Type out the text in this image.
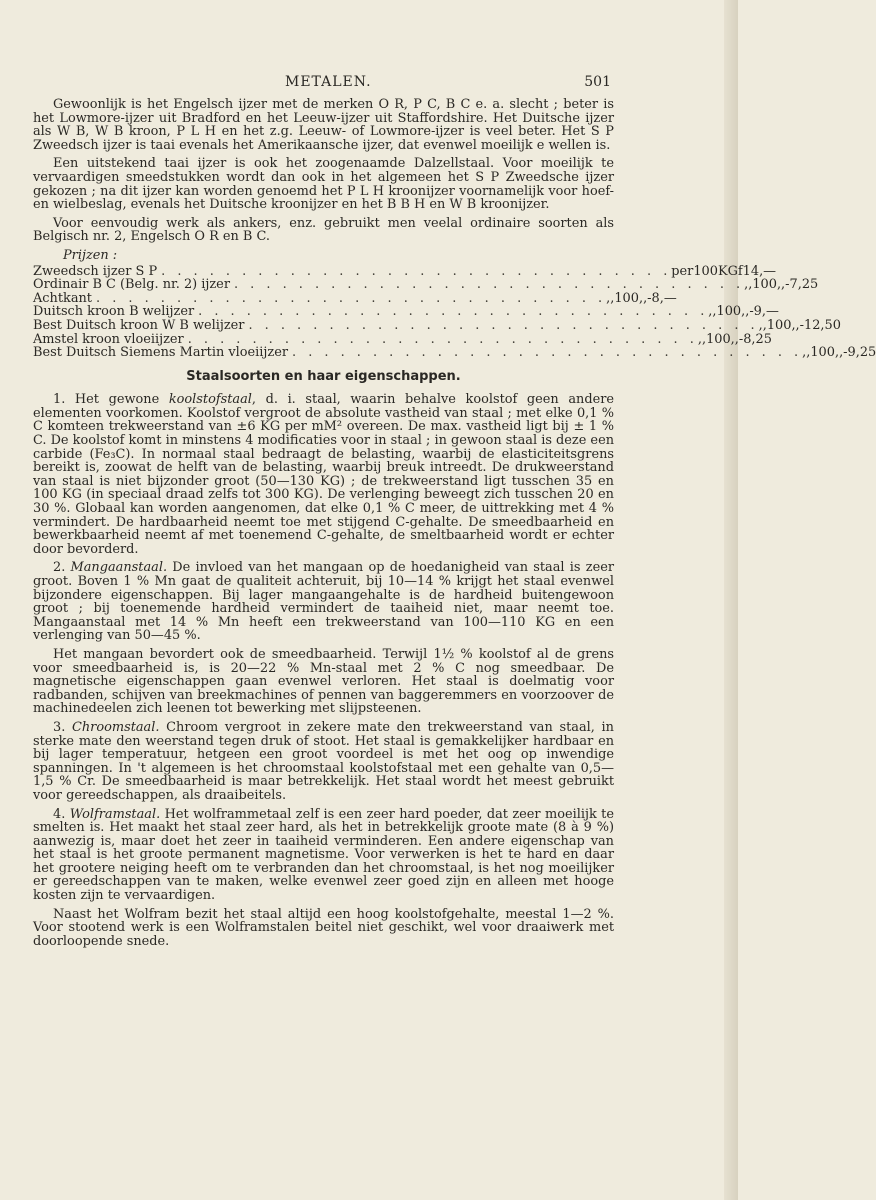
METALEN.	501

Gewoonlijk is het Engelsch ijzer met de merken O R, P C, B C e. a. slecht ; beter is het Lowmore-ijzer uit Bradford en het Leeuw-ijzer uit Staffordshire. Het Duitsche ijzer als W B, W B kroon, P L H en het z.g. Leeuw- of Lowmore-ijzer is veel beter. Het S P Zweedsch ijzer is taai evenals het Amerikaansche ijzer, dat evenwel moeilijk e wellen is.

Een uitstekend taai ijzer is ook het zoogenaamde Dalzellstaal. Voor moeilijk te vervaardigen smeedstukken wordt dan ook in het algemeen het S P Zweedsche ijzer gekozen ; na dit ijzer kan worden genoemd het P L H kroonijzer voornamelijk voor hoef- en wielbeslag, evenals het Duitsche kroonijzer en het B B H en W B kroonijzer.

Voor eenvoudig werk als ankers, enz. gebruikt men veelal ordinaire soorten als Belgisch nr. 2, Engelsch O R en B C.

Prijzen :
Zweedsch ijzer S P . . . . . . . . . . . . . . . . . . . . . . . . . . . . . . . . per 100 KG f 14,—
Ordinair B C (Belg. nr. 2) ijzer . . . . . . . . . . . . . . . . . . . . . . . . . . . . . . . . ,, 100 ,, - 7,25
Achtkant . . . . . . . . . . . . . . . . . . . . . . . . . . . . . . . . ,, 100 ,, - 8,—
Duitsch kroon B welijzer . . . . . . . . . . . . . . . . . . . . . . . . . . . . . . . . ,, 100 ,, - 9,—
Best Duitsch kroon W B welijzer . . . . . . . . . . . . . . . . . . . . . . . . . . . . . . . . ,, 100 ,, - 12,50
Amstel kroon vloeiijzer . . . . . . . . . . . . . . . . . . . . . . . . . . . . . . . . ,, 100 ,, - 8,25
Best Duitsch Siemens Martin vloeiijzer . . . . . . . . . . . . . . . . . . . . . . . . . . . . . . . . ,, 100 ,, - 9,25
Staalsoorten en haar eigenschappen.

1. Het gewone koolstofstaal, d. i. staal, waarin behalve koolstof geen andere elementen voorkomen. Koolstof vergroot de absolute vastheid van staal ; met elke 0,1 % C komteen trekweerstand van ±6 KG per mM² overeen. De max. vastheid ligt bij ± 1 % C. De koolstof komt in minstens 4 modificaties voor in staal ; in gewoon staal is deze een carbide (Fe₃C). In normaal staal bedraagt de belasting, waarbij de elasticiteitsgrens bereikt is, zoowat de helft van de belasting, waarbij breuk intreedt. De drukweerstand van staal is niet bijzonder groot (50—130 KG) ; de trekweerstand ligt tusschen 35 en 100 KG (in speciaal draad zelfs tot 300 KG). De verlenging beweegt zich tusschen 20 en 30 %. Globaal kan worden aangenomen, dat elke 0,1 % C meer, de uittrekking met 4 % vermindert. De hardbaarheid neemt toe met stijgend C-gehalte. De smeedbaarheid en bewerkbaarheid neemt af met toenemend C-gehalte, de smeltbaarheid wordt er echter door bevorderd.

2. Mangaanstaal. De invloed van het mangaan op de hoedanigheid van staal is zeer groot. Boven 1 % Mn gaat de qualiteit achteruit, bij 10—14 % krijgt het staal evenwel bijzondere eigenschappen. Bij lager mangaangehalte is de hardheid buitengewoon groot ; bij toenemende hardheid vermindert de taaiheid niet, maar neemt toe. Mangaanstaal met 14 % Mn heeft een trekweerstand van 100—110 KG en een verlenging van 50—45 %.

Het mangaan bevordert ook de smeedbaarheid. Terwijl 1½ % koolstof al de grens voor smeedbaarheid is, is 20—22 % Mn-staal met 2 % C nog smeedbaar. De magnetische eigenschappen gaan evenwel verloren. Het staal is doelmatig voor radbanden, schijven van breekmachines of pennen van baggeremmers en voorzoover de machinedeelen zich leenen tot bewerking met slijpsteenen.

3. Chroomstaal. Chroom vergroot in zekere mate den trekweerstand van staal, in sterke mate den weerstand tegen druk of stoot. Het staal is gemakkelijker hardbaar en bij lager temperatuur, hetgeen een groot voordeel is met het oog op inwendige spanningen. In 't algemeen is het chroomstaal koolstofstaal met een gehalte van 0,5—1,5 % Cr. De smeedbaarheid is maar betrekkelijk. Het staal wordt het meest gebruikt voor gereedschappen, als draaibeitels.

4. Wolframstaal. Het wolframmetaal zelf is een zeer hard poeder, dat zeer moeilijk te smelten is. Het maakt het staal zeer hard, als het in betrekkelijk groote mate (8 à 9 %) aanwezig is, maar doet het zeer in taaiheid verminderen. Een andere eigenschap van het staal is het groote permanent magnetisme. Voor verwerken is het te hard en daar het grootere neiging heeft om te verbranden dan het chroomstaal, is het nog moeilijker er gereedschappen van te maken, welke evenwel zeer goed zijn en alleen met hooge kosten zijn te vervaardigen.

Naast het Wolfram bezit het staal altijd een hoog koolstofgehalte, meestal 1—2 %. Voor stootend werk is een Wolframstalen beitel niet geschikt, wel voor draaiwerk met doorloopende snede.
